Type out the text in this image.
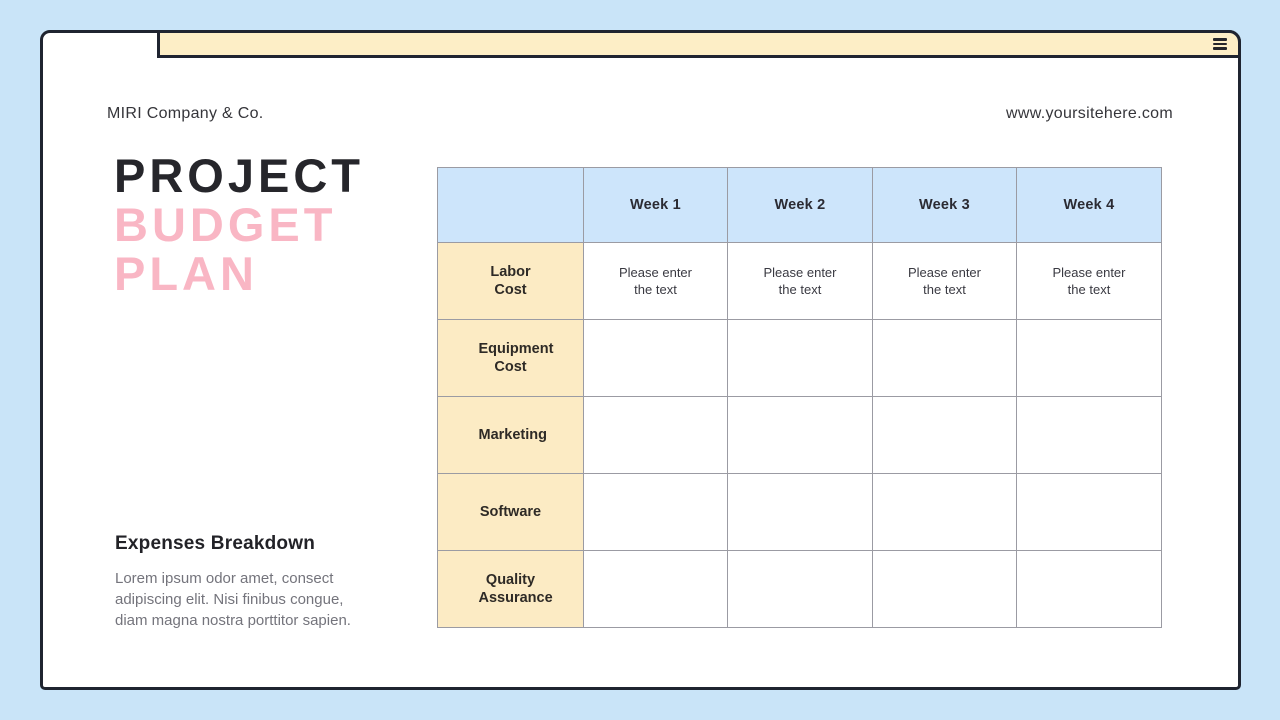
MIRI Company & Co.	www.yoursitehere.com
PROJECT
BUDGET
PLAN
Expenses Breakdown
Lorem ipsum odor amet, consect adipiscing elit. Nisi finibus congue, diam magna nostra porttitor sapien.
	Week 1	Week 2	Week 3	Week 4
Labor Cost	Please enter the text	Please enter the text	Please enter the text	Please enter the text
Equipment Cost				
Marketing				
Software				
Quality Assurance				
